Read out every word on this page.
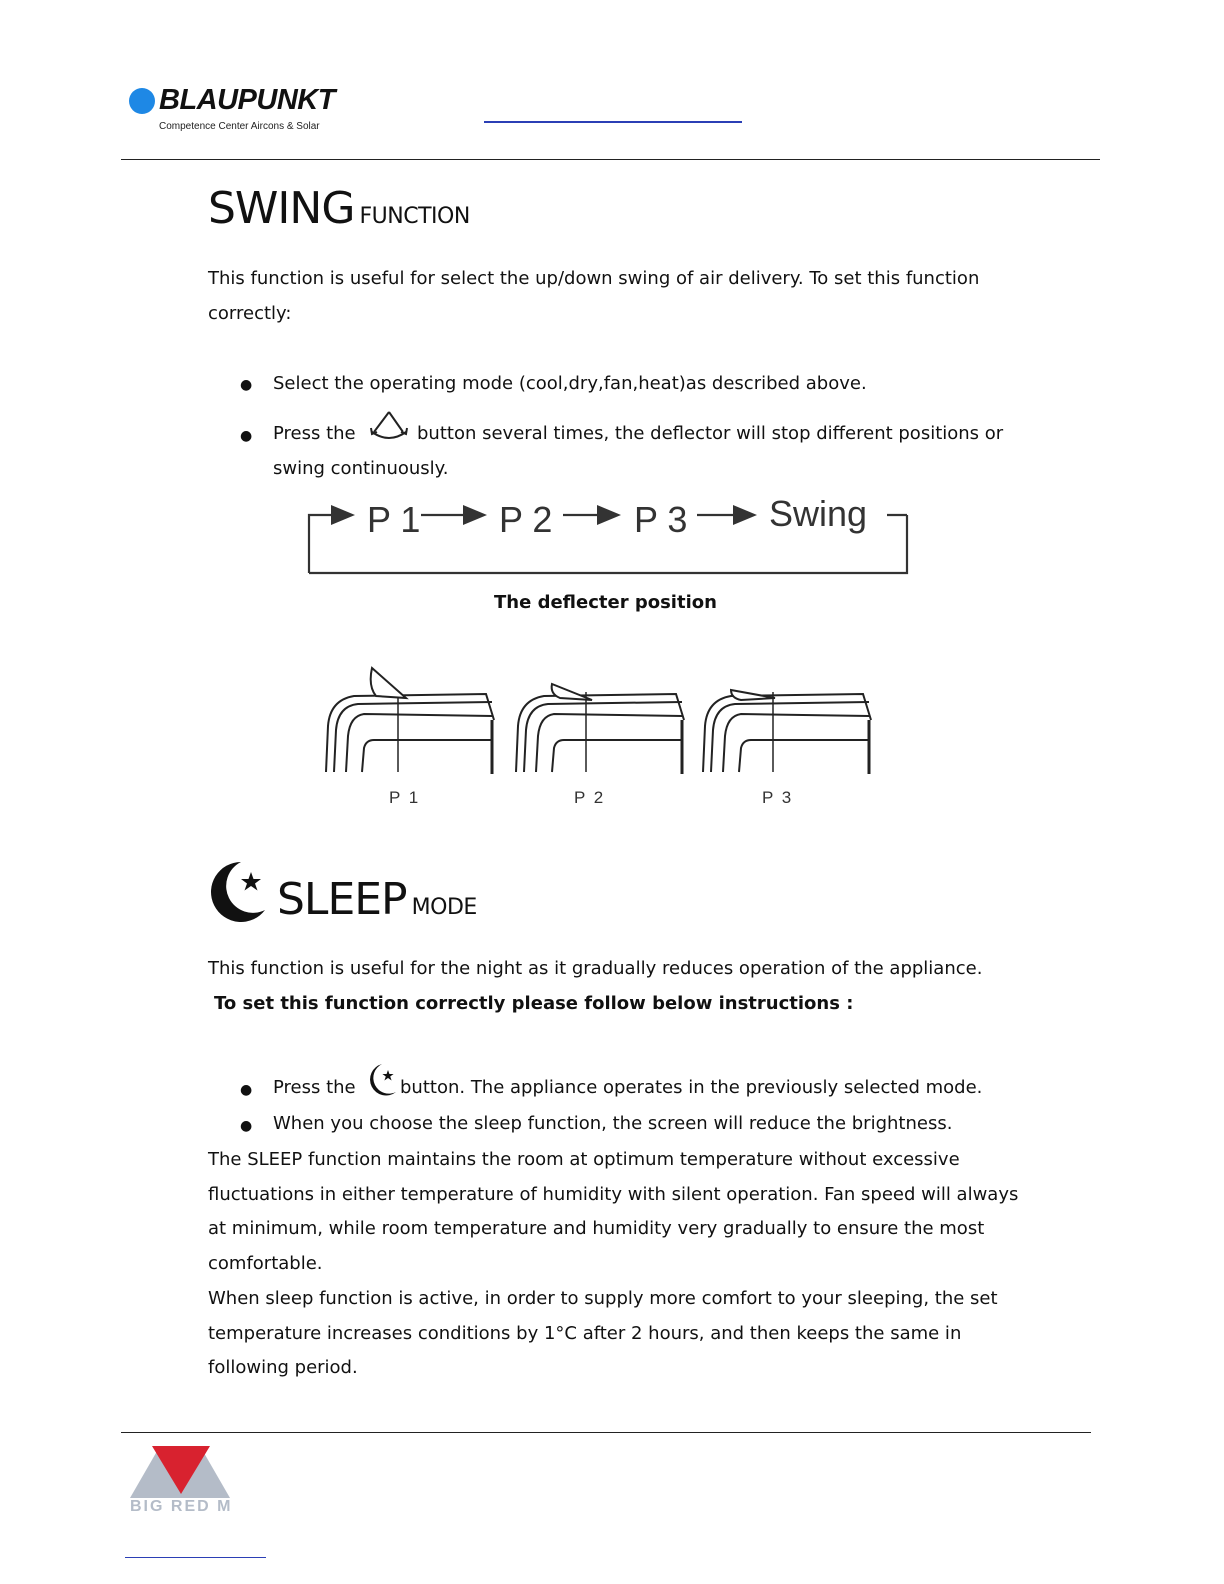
BLAUPUNKT
Competence Center Aircons & Solar
SWING FUNCTION
This function is useful for select the up/down swing of air delivery. To set this function
correctly:
● Select the operating mode (cool,dry,fan,heat)as described above.
● Press the	button several times, the deflector will stop different positions or
swing continuously.
P 1 P 2 P 3 Swing
The deflecter position
P 1	P 2	P 3
SLEEP MODE
This function is useful for the night as it gradually reduces operation of the appliance.
To set this function correctly please follow below instructions :
● Press the button. The appliance operates in the previously selected mode.
● When you choose the sleep function, the screen will reduce the brightness.
The SLEEP function maintains the room at optimum temperature without excessive
fluctuations in either temperature of humidity with silent operation. Fan speed will always
at minimum, while room temperature and humidity very gradually to ensure the most
comfortable.
When sleep function is active, in order to supply more comfort to your sleeping, the set
temperature increases conditions by 1°C after 2 hours, and then keeps the same in
following period.
BIG RED M
